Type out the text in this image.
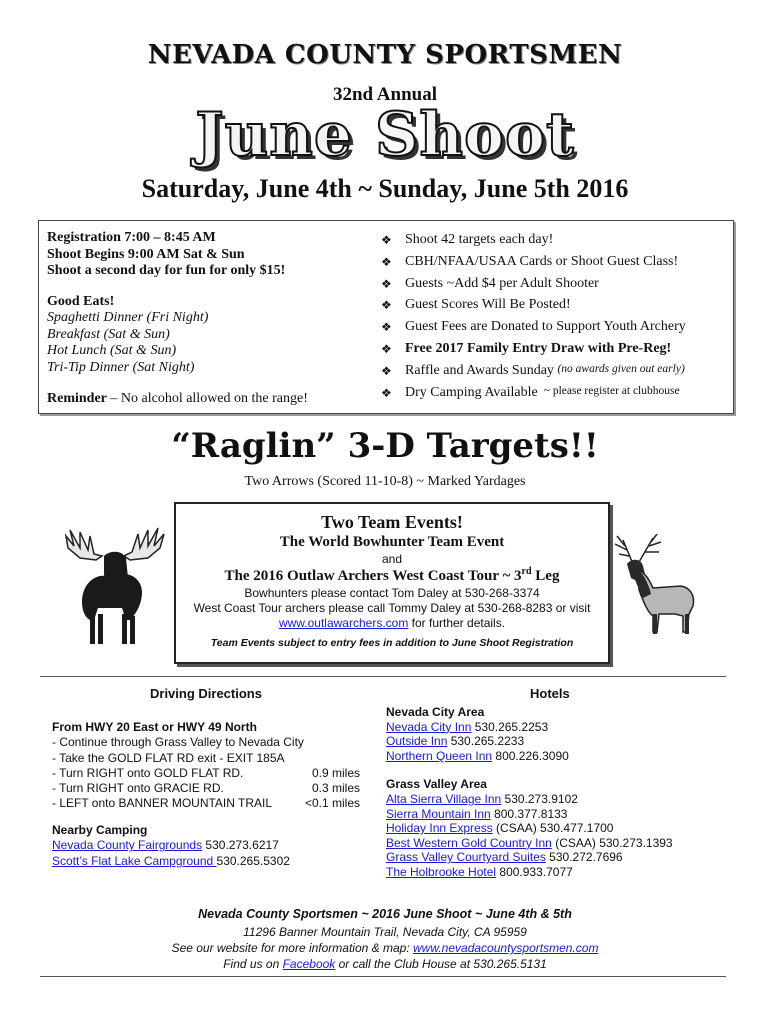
NEVADA COUNTY SPORTSMEN
32nd Annual
June Shoot
Saturday, June 4th ~ Sunday, June 5th 2016
Registration 7:00 – 8:45 AM
Shoot Begins 9:00 AM Sat & Sun
Shoot a second day for fun for only $15!
Good Eats!
Spaghetti Dinner (Fri Night)
Breakfast (Sat & Sun)
Hot Lunch (Sat & Sun)
Tri-Tip Dinner (Sat Night)
Reminder – No alcohol allowed on the range!
❖ Shoot 42 targets each day!
❖ CBH/NFAA/USAA Cards or Shoot Guest Class!
❖ Guests ~Add $4 per Adult Shooter
❖ Guest Scores Will Be Posted!
❖ Guest Fees are Donated to Support Youth Archery
❖ Free 2017 Family Entry Draw with Pre-Reg!
❖ Raffle and Awards Sunday
(no awards given out early)
❖ Dry Camping Available ~ please register at clubhouse
“Raglin” 3-D Targets!!
Two Arrows (Scored 11-10-8) ~ Marked Yardages
Two Team Events!
The World Bowhunter Team Event
and
The 2016 Outlaw Archers West Coast Tour ~ 3rd Leg
Bowhunters please contact Tom Daley at 530-268-3374
West Coast Tour archers please call Tommy Daley at 530-268-8283 or visit
www.outlawarchers.com for further details.
Team Events subject to entry fees in addition to June Shoot Registration
Driving Directions
From HWY 20 East or HWY 49 North
- Continue through Grass Valley to Nevada City
- Take the GOLD FLAT RD exit - EXIT 185A
- Turn RIGHT onto GOLD FLAT RD.	0.9 miles
- Turn RIGHT onto GRACIE RD.	0.3 miles
- LEFT onto BANNER MOUNTAIN TRAIL	<0.1 miles
Nearby Camping
Nevada County Fairgrounds 530.273.6217
Scott’s Flat Lake Campground 530.265.5302
Hotels
Nevada City Area
Nevada City Inn 530.265.2253
Outside Inn 530.265.2233
Northern Queen Inn 800.226.3090
Grass Valley Area
Alta Sierra Village Inn 530.273.9102
Sierra Mountain Inn 800.377.8133
Holiday Inn Express (CSAA) 530.477.1700
Best Western Gold Country Inn (CSAA) 530.273.1393
Grass Valley Courtyard Suites 530.272.7696
The Holbrooke Hotel 800.933.7077
Nevada County Sportsmen ~ 2016 June Shoot ~ June 4th & 5th
11296 Banner Mountain Trail, Nevada City, CA 95959
See our website for more information & map: www.nevadacountysportsmen.com
Find us on Facebook or call the Club House at 530.265.5131
